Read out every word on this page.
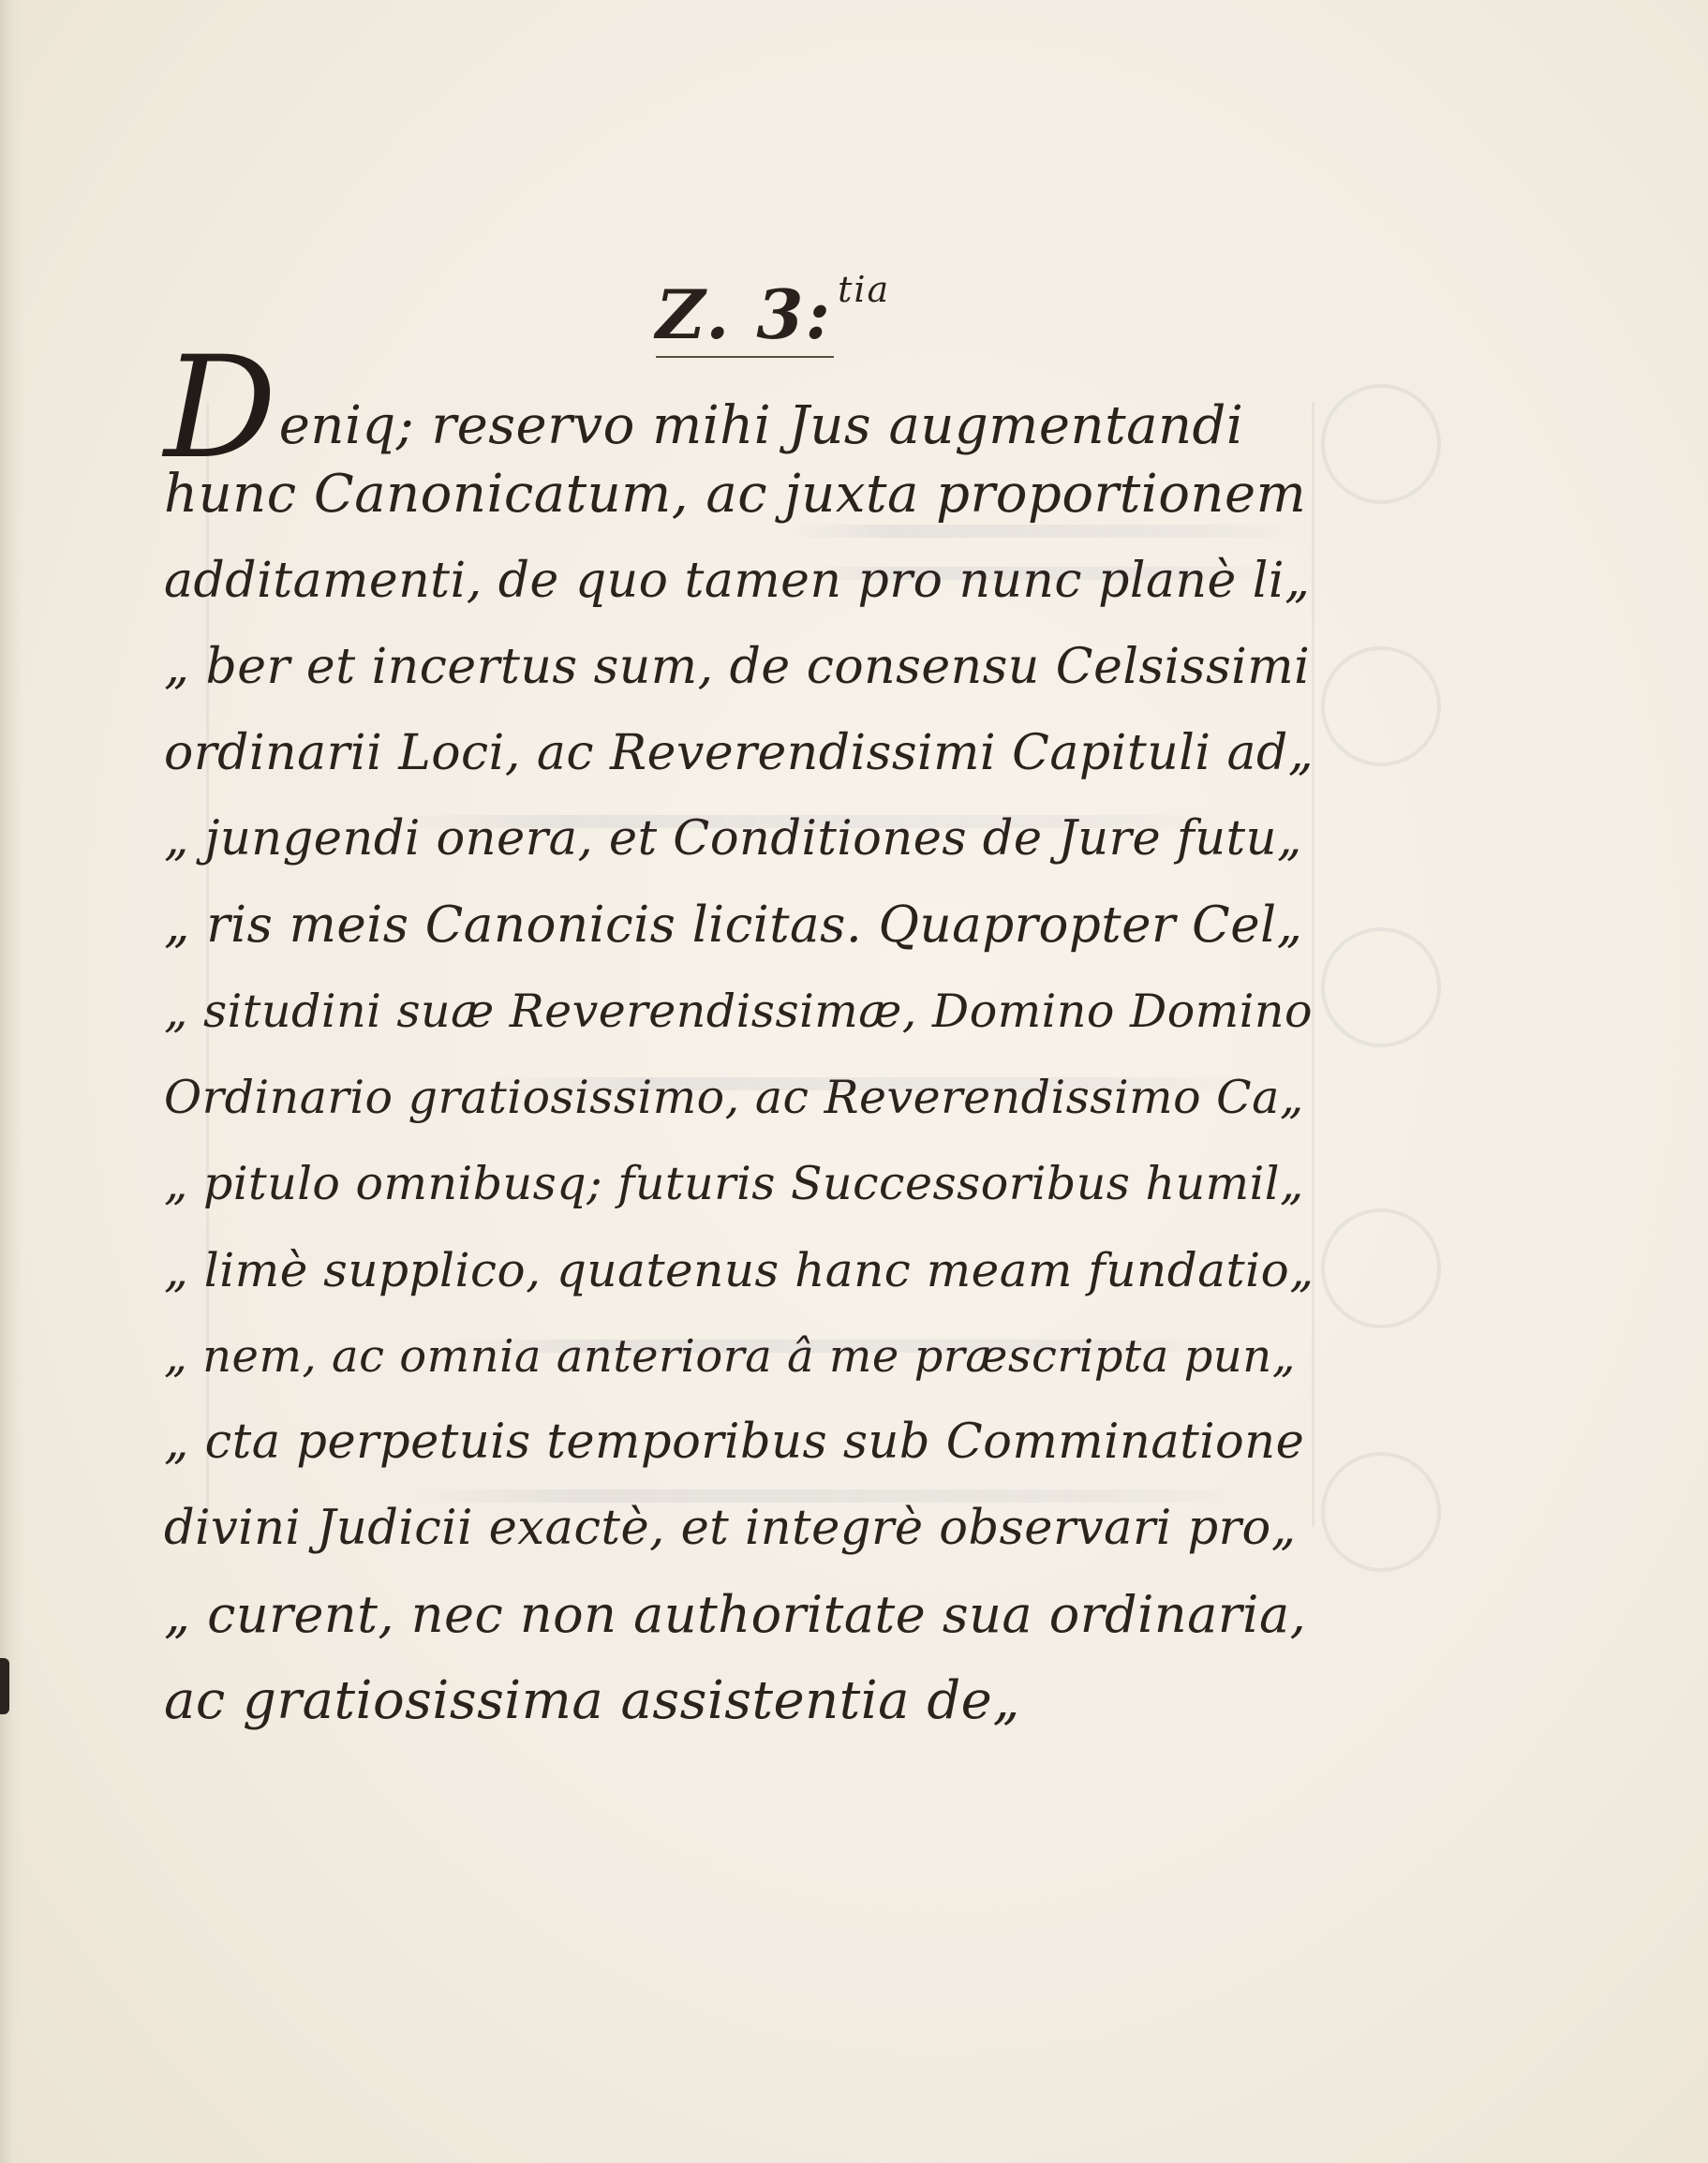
Z. 3: $^{tia}$
Deniq; reservo mihi Jus augmentandi
hunc Canonicatum, ac juxta proportionem
additamenti, de quo tamen pro nunc planè li„
„ ber et incertus sum, de consensu Celsissimi
ordinarii Loci, ac Reverendissimi Capituli ad„
„ jungendi onera, et Conditiones de Jure futu„
„ ris meis Canonicis licitas. Quapropter Cel„
„ situdini suæ Reverendissimæ, Domino Domino
Ordinario gratiosissimo, ac Reverendissimo Ca„
„ pitulo omnibusq; futuris Successoribus humil„
„ limè supplico, quatenus hanc meam fundatio„
„ nem, ac omnia anteriora â me præscripta pun„
„ cta perpetuis temporibus sub Comminatione
divini Judicii exactè, et integrè observari pro„
„ curent, nec non authoritate sua ordinaria,
ac gratiosissima assistentia de„
